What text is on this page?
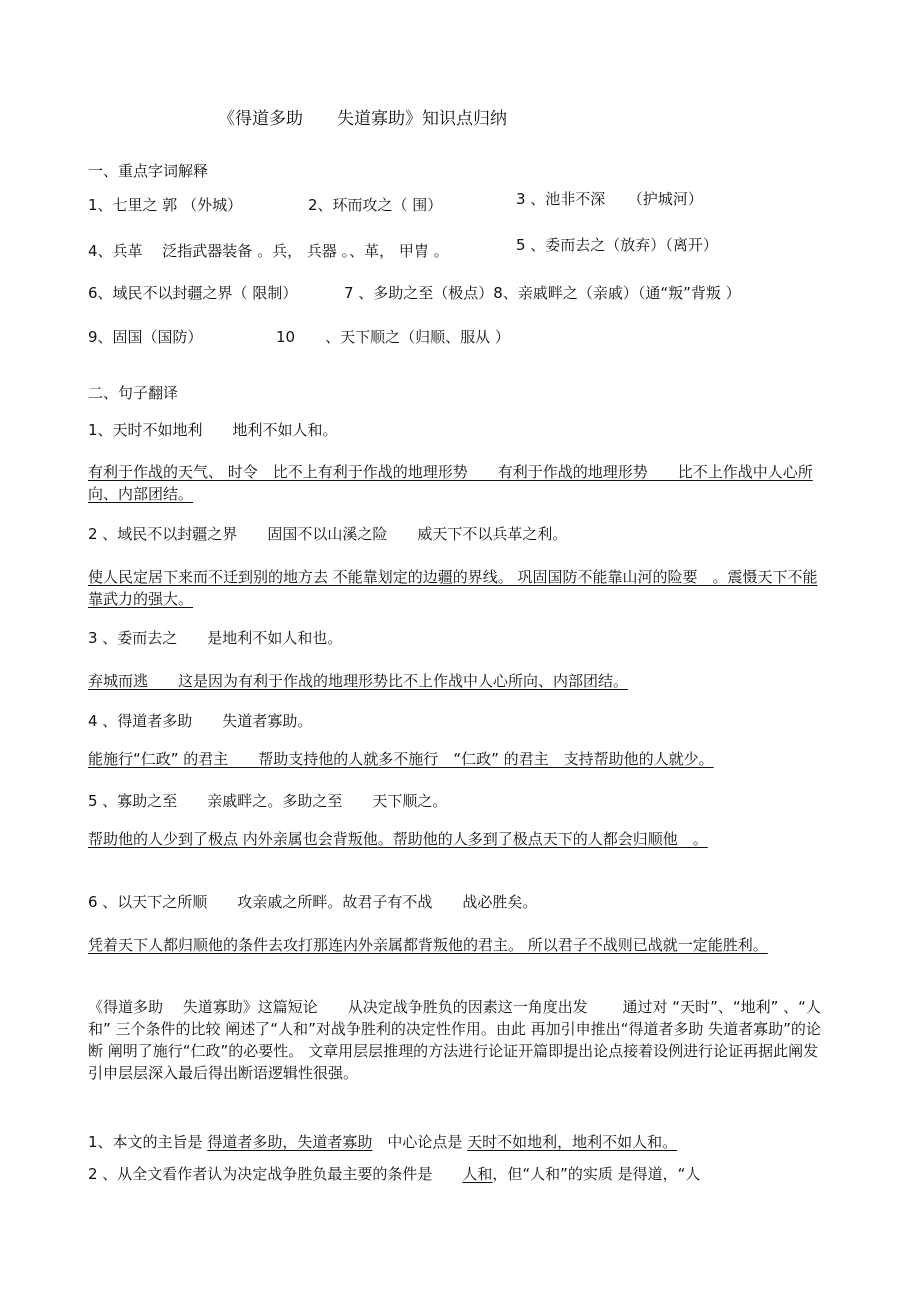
《得道多助　　失道寡助》知识点归纳
一、重点字词解释
1、七里之 郭 （外城）	2、环而攻之（ 围）	3 、池非不深　　（护城河）
4、兵革　 泛指武器装备 。兵， 兵器 。、革， 甲胄 。	5 、委而去之（放弃）（离开）
6、域民不以封疆之界（ 限制）	7 、多助之至（极点）8、亲戚畔之（亲戚）（通“叛”背叛 ）
9、固国（国防）	10　　、天下顺之（归顺、服从 ）
二、句子翻译
1、天时不如地利　　地利不如人和。
有利于作战的天气、 时令　比不上有利于作战的地理形势　　有利于作战的地理形势　　比不上作战中人心所向、内部团结。
2 、域民不以封疆之界　　固国不以山溪之险　　威天下不以兵革之利。
使人民定居下来而不迁到别的地方去 不能靠划定的边疆的界线。 巩固国防不能靠山河的险要　。震慑天下不能靠武力的强大。
3 、委而去之　　是地利不如人和也。
弃城而逃　　这是因为有利于作战的地理形势比不上作战中人心所向、内部团结。
4 、得道者多助　　失道者寡助。
能施行“仁政” 的君主　　帮助支持他的人就多不施行　“仁政” 的君主　支持帮助他的人就少。
5 、寡助之至　　亲戚畔之。多助之至　　天下顺之。
帮助他的人少到了极点 内外亲属也会背叛他。帮助他的人多到了极点天下的人都会归顺他　。
6 、以天下之所顺　　攻亲戚之所畔。故君子有不战　　战必胜矣。
凭着天下人都归顺他的条件去攻打那连内外亲属都背叛他的君主。 所以君子不战则已战就一定能胜利。
《得道多助　 失道寡助》这篇短论　　从决定战争胜负的因素这一角度出发　　 通过对 “天时”、“地利” 、“人和” 三个条件的比较 阐述了“人和”对战争胜利的决定性作用。由此 再加引申推出“得道者多助 失道者寡助”的论断 阐明了施行“仁政”的必要性。 文章用层层推理的方法进行论证开篇即提出论点接着设例进行论证再据此阐发引申层层深入最后得出断语逻辑性很强。
1、本文的主旨是 得道者多助，失道者寡助　中心论点是 天时不如地利，地利不如人和。
2 、从全文看作者认为决定战争胜负最主要的条件是　　人和，但“人和”的实质 是得道，“人
